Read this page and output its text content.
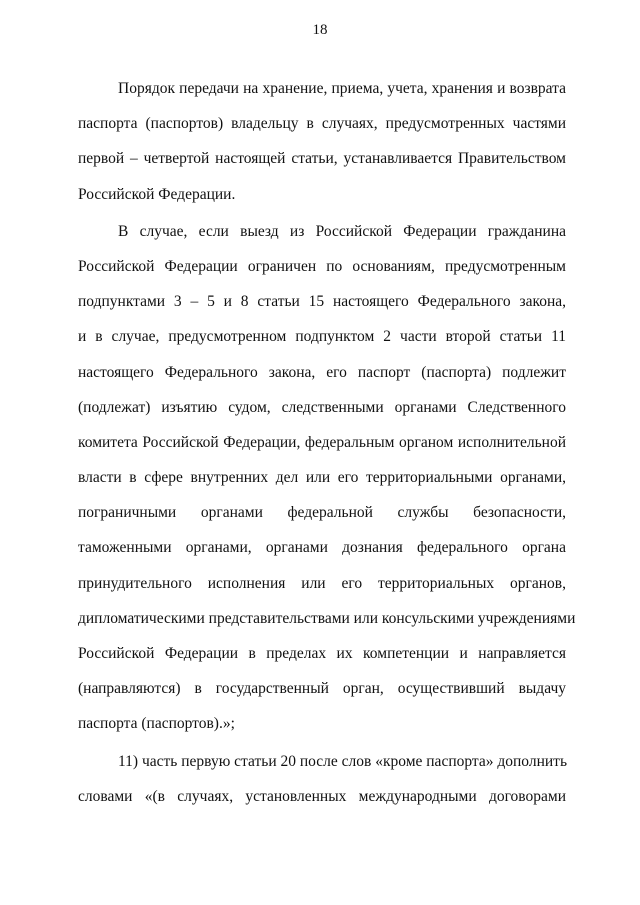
18
Порядок передачи на хранение, приема, учета, хранения и возврата
паспорта (паспортов) владельцу в случаях, предусмотренных частями
первой – четвертой настоящей статьи, устанавливается Правительством
Российской Федерации.
В случае, если выезд из Российской Федерации гражданина
Российской Федерации ограничен по основаниям, предусмотренным
подпунктами 3 – 5 и 8 статьи 15 настоящего Федерального закона,
и в случае, предусмотренном подпунктом 2 части второй статьи 11
настоящего Федерального закона, его паспорт (паспорта) подлежит
(подлежат) изъятию судом, следственными органами Следственного
комитета Российской Федерации, федеральным органом исполнительной
власти в сфере внутренних дел или его территориальными органами,
пограничными органами федеральной службы безопасности,
таможенными органами, органами дознания федерального органа
принудительного исполнения или его территориальных органов,
дипломатическими представительствами или консульскими учреждениями
Российской Федерации в пределах их компетенции и направляется
(направляются) в государственный орган, осуществивший выдачу
паспорта (паспортов).»;
11) часть первую статьи 20 после слов «кроме паспорта» дополнить
словами «(в случаях, установленных международными договорами
